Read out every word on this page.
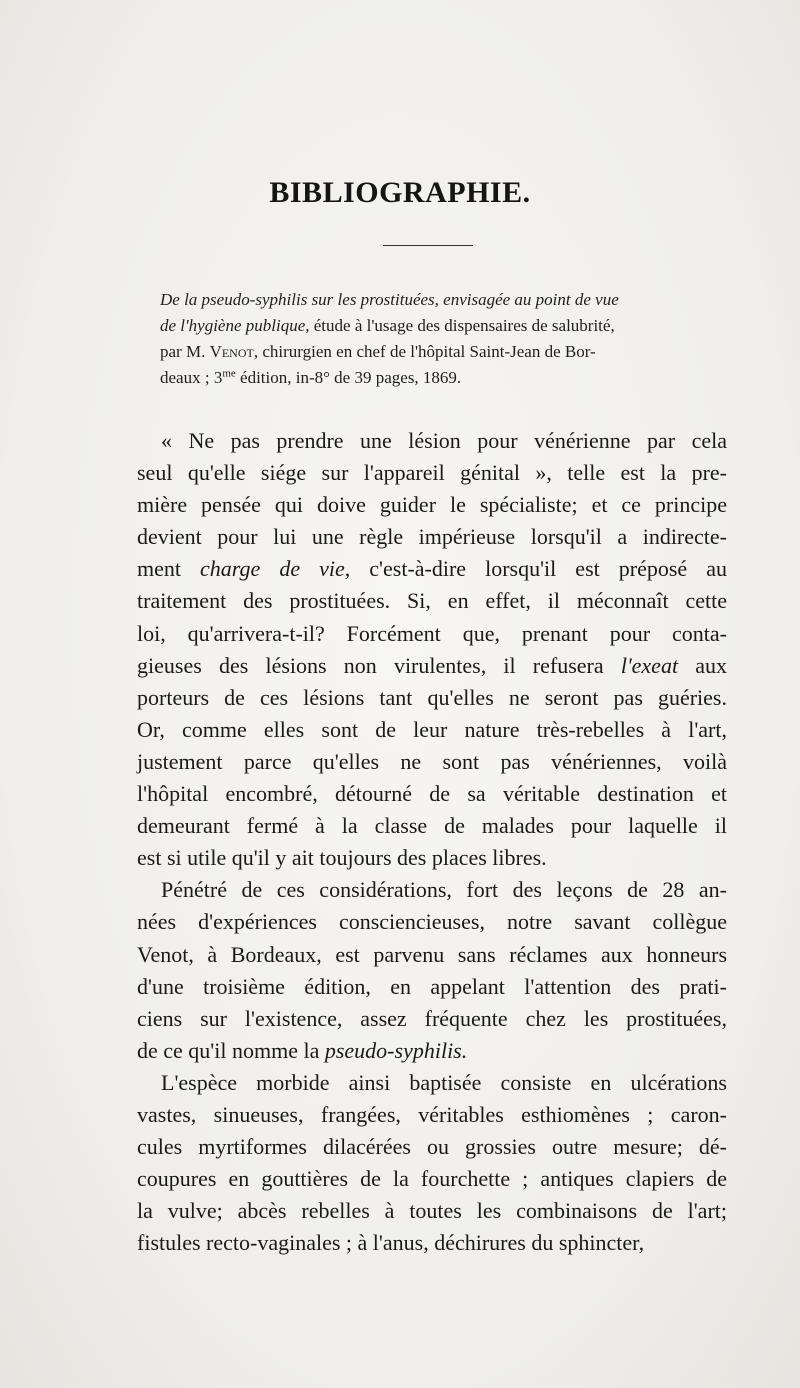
BIBLIOGRAPHIE.
De la pseudo-syphilis sur les prostituées, envisagée au point de vue
de l'hygiène publique, étude à l'usage des dispensaires de salubrité,
par M. Venot, chirurgien en chef de l'hôpital Saint-Jean de Bor-
deaux ; $3^{me}$ édition, in-8° de 39 pages, 1869.
« Ne pas prendre une lésion pour vénérienne par cela
seul qu'elle siége sur l'appareil génital », telle est la pre-
mière pensée qui doive guider le spécialiste; et ce principe
devient pour lui une règle impérieuse lorsqu'il a indirecte-
ment charge de vie, c'est-à-dire lorsqu'il est préposé au
traitement des prostituées. Si, en effet, il méconnaît cette
loi, qu'arrivera-t-il? Forcément que, prenant pour conta-
gieuses des lésions non virulentes, il refusera l'exeat aux
porteurs de ces lésions tant qu'elles ne seront pas guéries.
Or, comme elles sont de leur nature très-rebelles à l'art,
justement parce qu'elles ne sont pas vénériennes, voilà
l'hôpital encombré, détourné de sa véritable destination et
demeurant fermé à la classe de malades pour laquelle il
est si utile qu'il y ait toujours des places libres.
Pénétré de ces considérations, fort des leçons de 28 an-
nées d'expériences consciencieuses, notre savant collègue
Venot, à Bordeaux, est parvenu sans réclames aux honneurs
d'une troisième édition, en appelant l'attention des prati-
ciens sur l'existence, assez fréquente chez les prostituées,
de ce qu'il nomme la pseudo-syphilis.
L'espèce morbide ainsi baptisée consiste en ulcérations
vastes, sinueuses, frangées, véritables esthiomènes ; caron-
cules myrtiformes dilacérées ou grossies outre mesure; dé-
coupures en gouttières de la fourchette ; antiques clapiers de
la vulve; abcès rebelles à toutes les combinaisons de l'art;
fistules recto-vaginales ; à l'anus, déchirures du sphincter,
